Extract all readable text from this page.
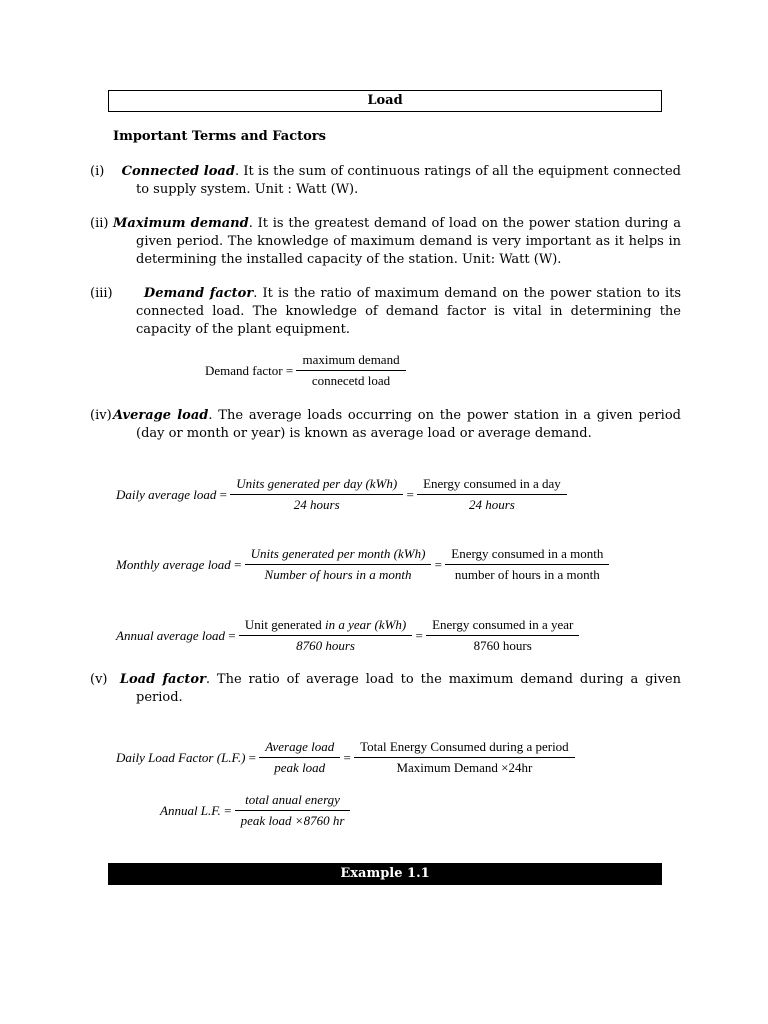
Load
Important Terms and Factors
(i) Connected load. It is the sum of continuous ratings of all the equipment connected to supply system. Unit : Watt (W).
(ii) Maximum demand. It is the greatest demand of load on the power station during a given period. The knowledge of maximum demand is very important as it helps in determining the installed capacity of the station. Unit: Watt (W).
(iii) Demand factor. It is the ratio of maximum demand on the power station to its connected load. The knowledge of demand factor is vital in determining the capacity of the plant equipment.
Demand factor = $\frac{\text{maximum demand}}{\text{connecetd load}}$
(iv)Average load. The average loads occurring on the power station in a given period (day or month or year) is known as average load or average demand.
Daily average load = $\frac{\text{Units generated per day (kWh)}}{\text{24 hours}} = \frac{\text{Energy consumed in a day}}{\text{24 hours}}$
Monthly average load = $\frac{\text{Units generated per month (kWh)}}{\text{Number of hours in a month}} = \frac{\text{Energy consumed in a month}}{\text{number of hours in a month}}$
Annual average load = $\frac{\text{Unit generated in a year (kWh)}}{\text{8760 hours}} = \frac{\text{Energy consumed in a year}}{\text{8760 hours}}$
(v) Load factor. The ratio of average load to the maximum demand during a given period.
Daily Load Factor $(L.F.) = \frac{\text{Average load}}{\text{peak load}} = \frac{\text{Total Energy Consumed during a period}}{\text{Maximum Demand ×24hr}}$
Annual L.F. = $\frac{\text{total anual energy}}{\text{peak load ×8760 hr}}$
Example 1.1
